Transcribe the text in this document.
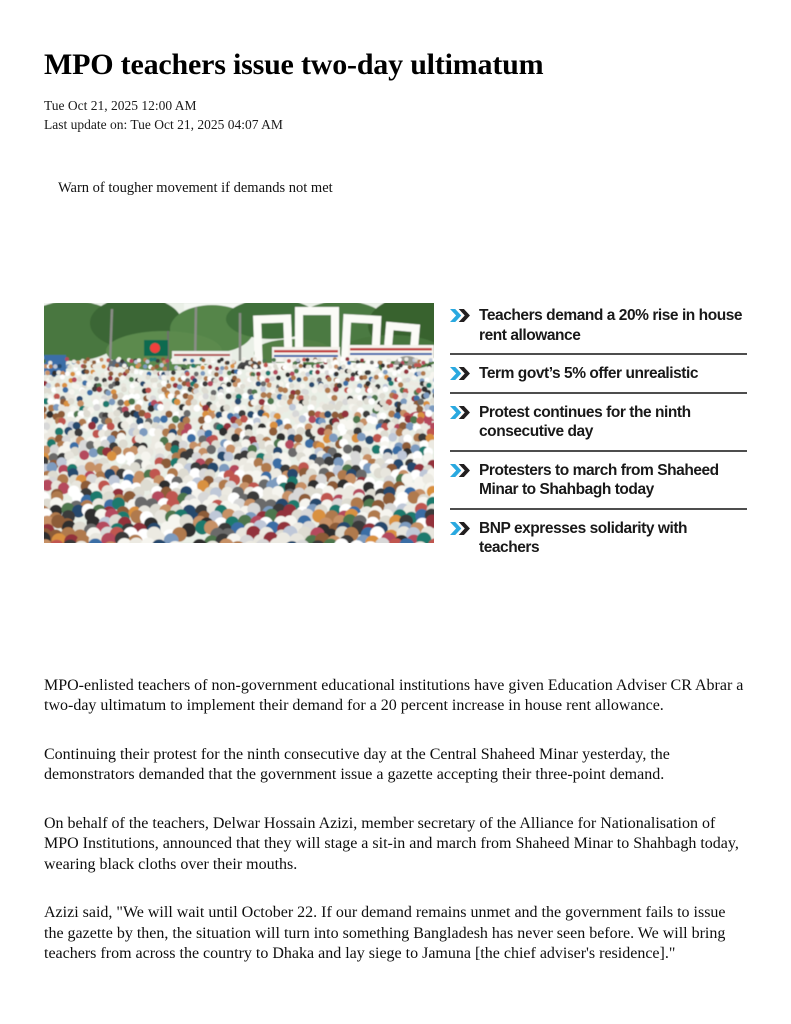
MPO teachers issue two-day ultimatum
Tue Oct 21, 2025 12:00 AM
Last update on: Tue Oct 21, 2025 04:07 AM
Warn of tougher movement if demands not met
Teachers demand a 20% rise in house rent allowance
Term govt’s 5% offer unrealistic
Protest continues for the ninth consecutive day
Protesters to march from Shaheed Minar to Shahbagh today
BNP expresses solidarity with teachers

MPO-enlisted teachers of non-government educational institutions have given Education Adviser CR Abrar a two-day ultimatum to implement their demand for a 20 percent increase in house rent allowance.

Continuing their protest for the ninth consecutive day at the Central Shaheed Minar yesterday, the demonstrators demanded that the government issue a gazette accepting their three-point demand.

On behalf of the teachers, Delwar Hossain Azizi, member secretary of the Alliance for Nationalisation of MPO Institutions, announced that they will stage a sit-in and march from Shaheed Minar to Shahbagh today, wearing black cloths over their mouths.

Azizi said, "We will wait until October 22. If our demand remains unmet and the government fails to issue the gazette by then, the situation will turn into something Bangladesh has never seen before. We will bring teachers from across the country to Dhaka and lay siege to Jamuna [the chief adviser's residence]."
